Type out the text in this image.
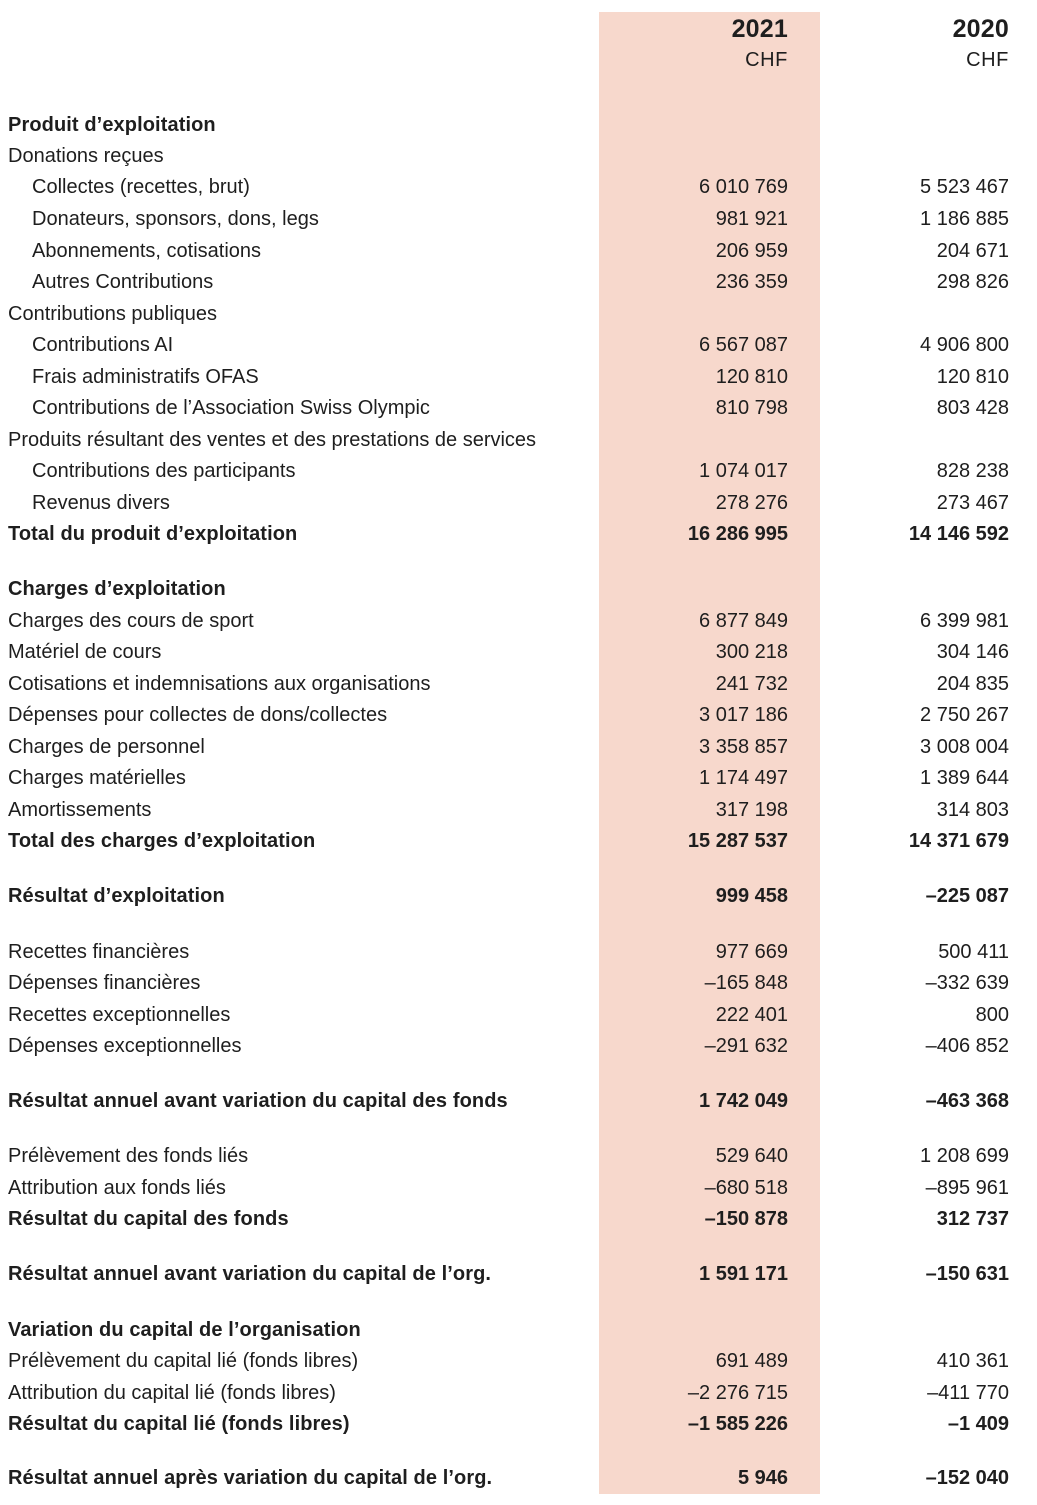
2021
CHF
2020
CHF
Produit d’exploitation
Donations reçues
Collectes (recettes, brut)	6 010 769	5 523 467
Donateurs, sponsors, dons, legs	981 921	1 186 885
Abonnements, cotisations	206 959	204 671
Autres Contributions	236 359	298 826
Contributions publiques
Contributions AI	6 567 087	4 906 800
Frais administratifs OFAS	120 810	120 810
Contributions de l’Association Swiss Olympic	810 798	803 428
Produits résultant des ventes et des prestations de services
Contributions des participants	1 074 017	828 238
Revenus divers	278 276	273 467
Total du produit d’exploitation	16 286 995	14 146 592
Charges d’exploitation
Charges des cours de sport	6 877 849	6 399 981
Matériel de cours	300 218	304 146
Cotisations et indemnisations aux organisations	241 732	204 835
Dépenses pour collectes de dons/collectes	3 017 186	2 750 267
Charges de personnel	3 358 857	3 008 004
Charges matérielles	1 174 497	1 389 644
Amortissements	317 198	314 803
Total des charges d’exploitation	15 287 537	14 371 679
Résultat d’exploitation	999 458	–225 087
Recettes financières	977 669	500 411
Dépenses financières	–165 848	–332 639
Recettes exceptionnelles	222 401	800
Dépenses exceptionnelles	–291 632	–406 852
Résultat annuel avant variation du capital des fonds	1 742 049	–463 368
Prélèvement des fonds liés	529 640	1 208 699
Attribution aux fonds liés	–680 518	–895 961
Résultat du capital des fonds	–150 878	312 737
Résultat annuel avant variation du capital de l’org.	1 591 171	–150 631
Variation du capital de l’organisation
Prélèvement du capital lié (fonds libres)	691 489	410 361
Attribution du capital lié (fonds libres)	–2 276 715	–411 770
Résultat du capital lié (fonds libres)	–1 585 226	–1 409
Résultat annuel après variation du capital de l’org.	5 946	–152 040
